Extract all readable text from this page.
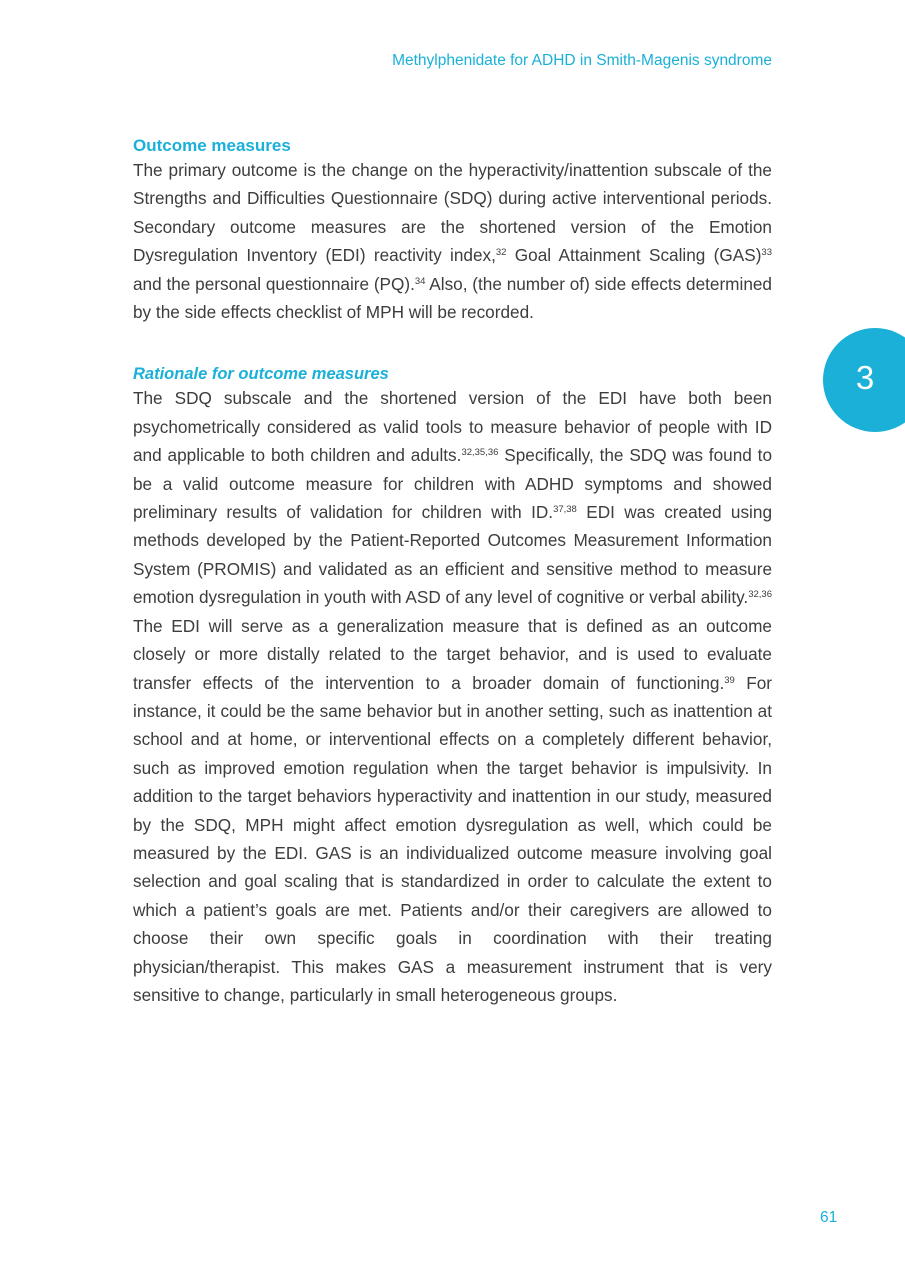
Methylphenidate for ADHD in Smith-Magenis syndrome
3
Outcome measures

The primary outcome is the change on the hyperactivity/inattention subscale of the Strengths and Difficulties Questionnaire (SDQ) during active interventional periods. Secondary outcome measures are the shortened version of the Emotion Dysregulation Inventory (EDI) reactivity index,$^{32}$ Goal Attainment Scaling (GAS)$^{33}$ and the personal questionnaire (PQ).$^{34}$ Also, (the number of) side effects determined by the side effects checklist of MPH will be recorded.

Rationale for outcome measures

The SDQ subscale and the shortened version of the EDI have both been psychometrically considered as valid tools to measure behavior of people with ID and applicable to both children and adults.$^{32,35,36}$ Specifically, the SDQ was found to be a valid outcome measure for children with ADHD symptoms and showed preliminary results of validation for children with ID.$^{37,38}$ EDI was created using methods developed by the Patient-Reported Outcomes Measurement Information System (PROMIS) and validated as an efficient and sensitive method to measure emotion dysregulation in youth with ASD of any level of cognitive or verbal ability.$^{32,36}$ The EDI will serve as a generalization measure that is defined as an outcome closely or more distally related to the target behavior, and is used to evaluate transfer effects of the intervention to a broader domain of functioning.$^{39}$ For instance, it could be the same behavior but in another setting, such as inattention at school and at home, or interventional effects on a completely different behavior, such as improved emotion regulation when the target behavior is impulsivity. In addition to the target behaviors hyperactivity and inattention in our study, measured by the SDQ, MPH might affect emotion dysregulation as well, which could be measured by the EDI. GAS is an individualized outcome measure involving goal selection and goal scaling that is standardized in order to calculate the extent to which a patient’s goals are met. Patients and/or their caregivers are allowed to choose their own specific goals in coordination with their treating physician/therapist. This makes GAS a measurement instrument that is very sensitive to change, particularly in small heterogeneous groups.

61
